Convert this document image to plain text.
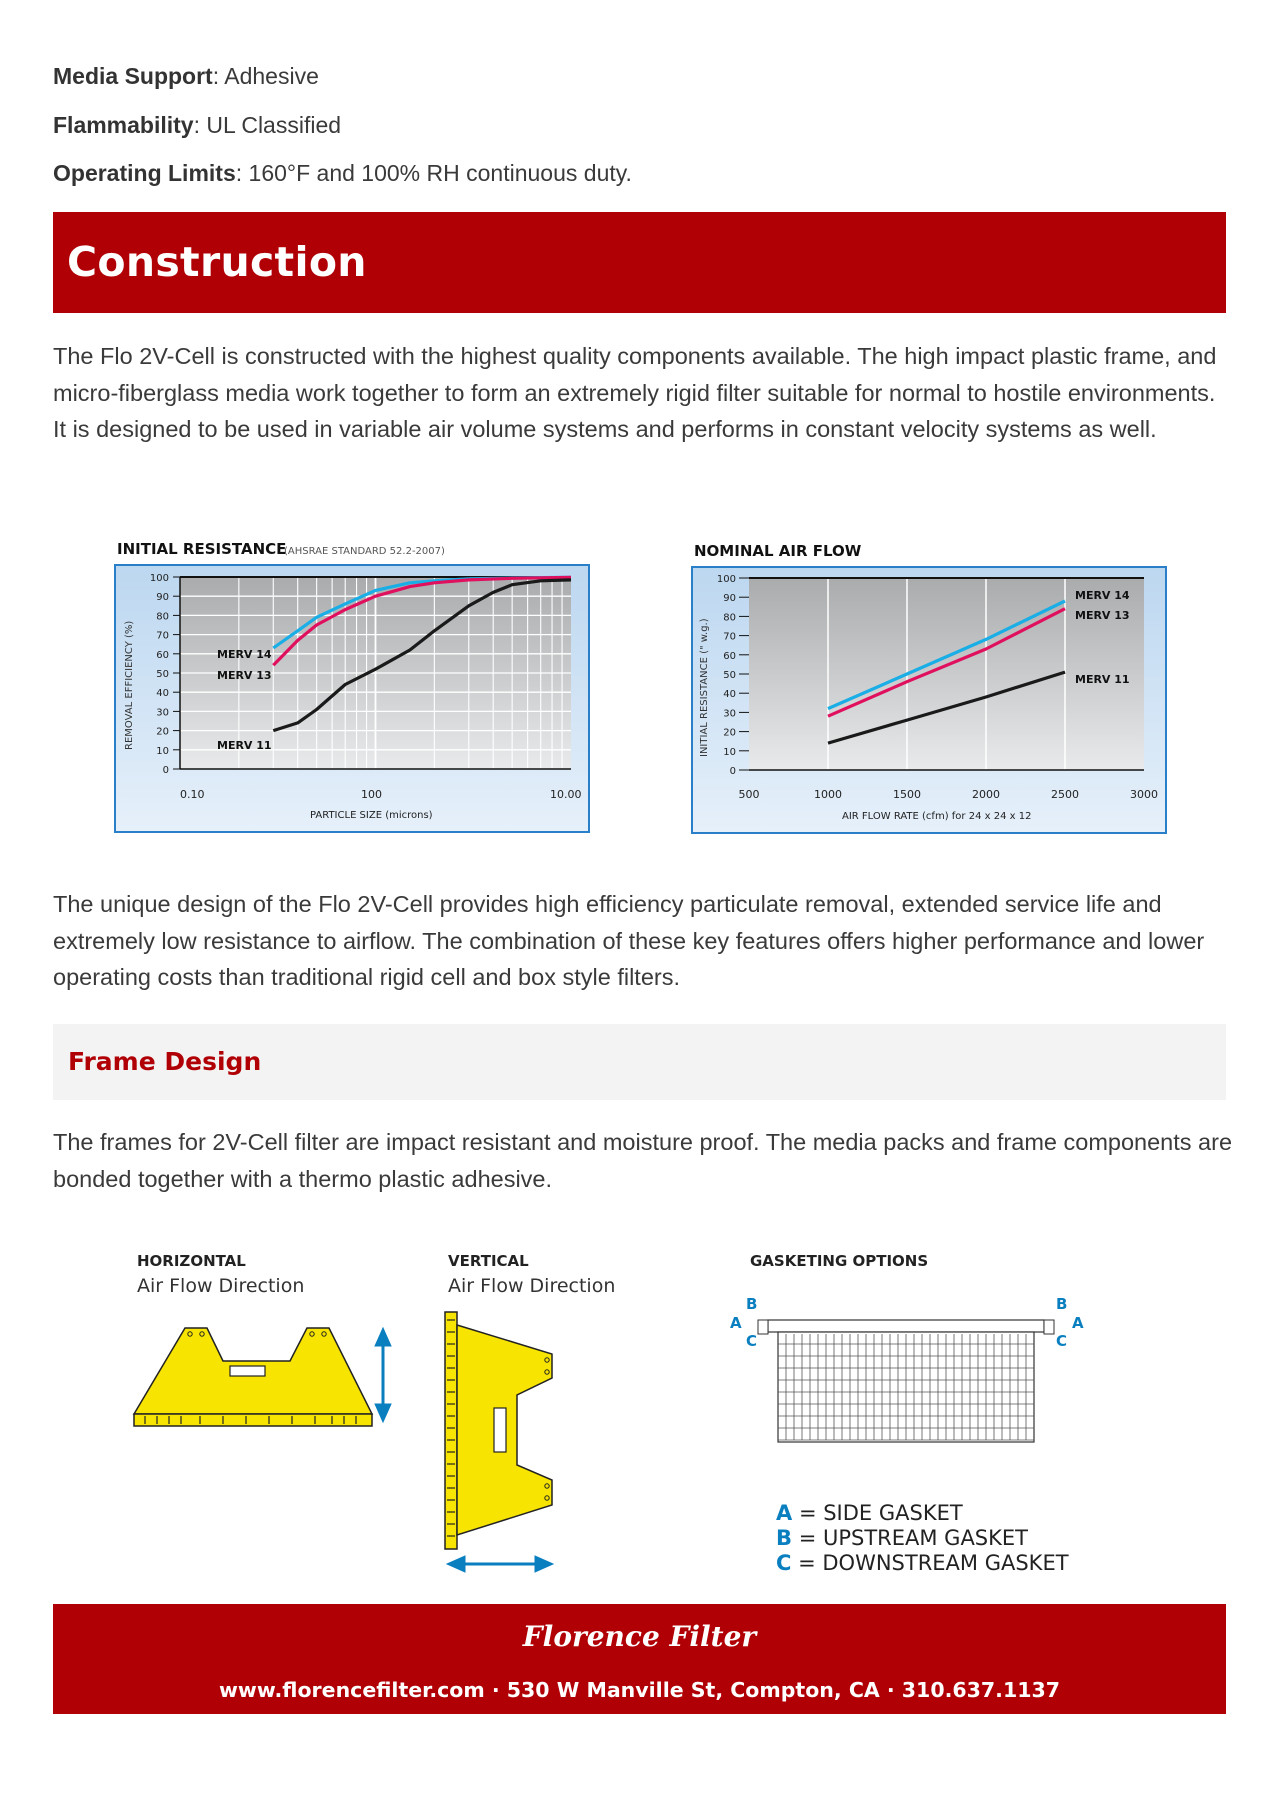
Media Support: Adhesive
Flammability: UL Classified
Operating Limits: 160°F and 100% RH continuous duty.
Construction
The Flo 2V-Cell is constructed with the highest quality components available. The high impact plastic frame, and micro-fiberglass media work together to form an extremely rigid filter suitable for normal to hostile environments. It is designed to be used in variable air volume systems and performs in constant velocity systems as well.
INITIAL RESISTANCE
(AHSRAE STANDARD 52.2-2007)
0
10
20
30
40
50
60
70
80
90
100
0.10	100	10.00
PARTICLE SIZE (microns)
REMOVAL EFFICIENCY (%)	MERV 14
MERV 13
MERV 11
NOMINAL AIR FLOW
0
10
20
30
40
50
60
70
80
90
100
500	1000	1500	2000	2500	3000
AIR FLOW RATE (cfm) for 24 x 24 x 12
INITIAL RESISTANCE (" w.g.)
MERV 14
MERV 13
MERV 11
The unique design of the Flo 2V-Cell provides high efficiency particulate removal, extended service life and extremely low resistance to airflow. The combination of these key features offers higher performance and lower operating costs than traditional rigid cell and box style filters.
Frame Design
The frames for 2V-Cell filter are impact resistant and moisture proof. The media packs and frame components are bonded together with a thermo plastic adhesive.
HORIZONTAL
Air Flow Direction
VERTICAL
Air Flow Direction
GASKETING OPTIONS
B
A
C
B
A
C
A = SIDE GASKET
B = UPSTREAM GASKET
C = DOWNSTREAM GASKET
Florence Filter
www.florencefilter.com · 530 W Manville St, Compton, CA · 310.637.1137
